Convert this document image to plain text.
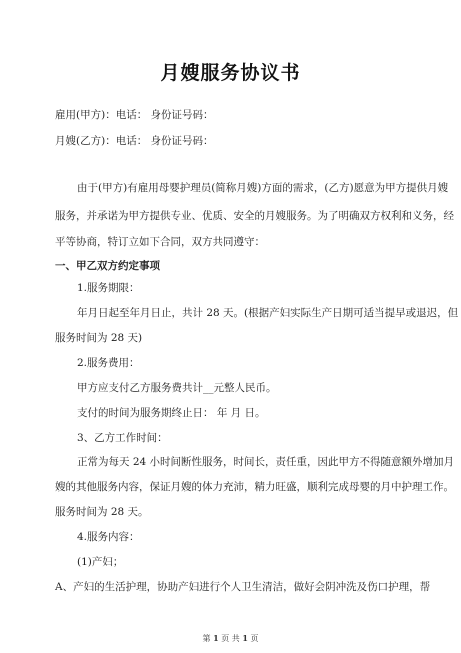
月嫂服务协议书
雇用(甲方)：电话： 身份证号码：
月嫂(乙方)：电话： 身份证号码：
由于(甲方)有雇用母婴护理员(简称月嫂)方面的需求，(乙方)愿意为甲方提供月嫂
服务，并承诺为甲方提供专业、优质、安全的月嫂服务。为了明确双方权利和义务，经
平等协商，特订立如下合同，双方共同遵守：
一、甲乙双方约定事项
1.服务期限：
年月日起至年月日止，共计 28 天。(根据产妇实际生产日期可适当提早或退迟，但
服务时间为 28 天)
2.服务费用：
甲方应支付乙方服务费共计__元整人民币。
支付的时间为服务期终止日： 年 月 日。
3、乙方工作时间：
正常为每天 24 小时间断性服务，时间长，责任重，因此甲方不得随意额外增加月
嫂的其他服务内容，保证月嫂的体力充沛，精力旺盛，顺利完成母婴的月中护理工作。
服务时间为 28 天。
4.服务内容：
(1)产妇；
A、产妇的生活护理，协助产妇进行个人卫生清洁，做好会阴冲洗及伤口护理，帮
第 1 页 共 1 页
